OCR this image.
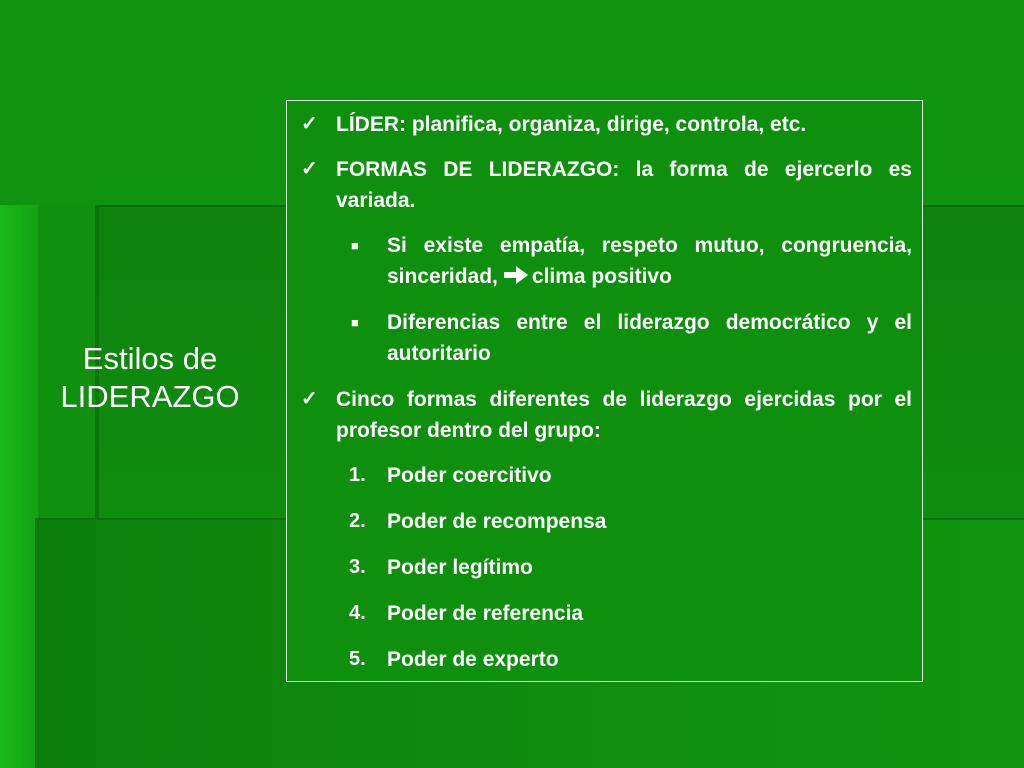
Estilos de
LIDERAZGO
✓ LÍDER: planifica, organiza, dirige, controla, etc.
✓ FORMAS DE LIDERAZGO: la forma de ejercerlo es variada.
■ Si existe empatía, respeto mutuo, congruencia, sinceridad, clima positivo
■ Diferencias entre el liderazgo democrático y el autoritario
✓ Cinco formas diferentes de liderazgo ejercidas por el profesor dentro del grupo:
1.	Poder coercitivo
2.	Poder de recompensa
3.	Poder legítimo
4.	Poder de referencia
5.	Poder de experto
